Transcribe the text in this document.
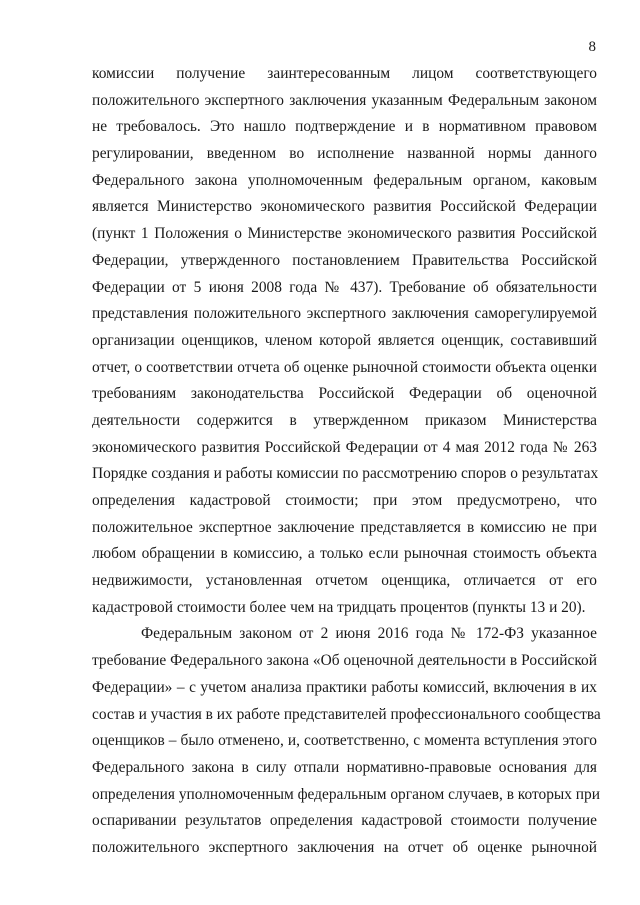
8
комиссии получение заинтересованным лицом соответствующего
положительного экспертного заключения указанным Федеральным законом
не требовалось. Это нашло подтверждение и в нормативном правовом
регулировании, введенном во исполнение названной нормы данного
Федерального закона уполномоченным федеральным органом, каковым
является Министерство экономического развития Российской Федерации
(пункт 1 Положения о Министерстве экономического развития Российской
Федерации, утвержденного постановлением Правительства Российской
Федерации от 5 июня 2008 года № 437). Требование об обязательности
представления положительного экспертного заключения саморегулируемой
организации оценщиков, членом которой является оценщик, составивший
отчет, о соответствии отчета об оценке рыночной стоимости объекта оценки
требованиям законодательства Российской Федерации об оценочной
деятельности содержится в утвержденном приказом Министерства
экономического развития Российской Федерации от 4 мая 2012 года № 263
Порядке создания и работы комиссии по рассмотрению споров о результатах
определения кадастровой стоимости; при этом предусмотрено, что
положительное экспертное заключение представляется в комиссию не при
любом обращении в комиссию, а только если рыночная стоимость объекта
недвижимости, установленная отчетом оценщика, отличается от его
кадастровой стоимости более чем на тридцать процентов (пункты 13 и 20).
Федеральным законом от 2 июня 2016 года № 172-ФЗ указанное
требование Федерального закона «Об оценочной деятельности в Российской
Федерации» – с учетом анализа практики работы комиссий, включения в их
состав и участия в их работе представителей профессионального сообщества
оценщиков – было отменено, и, соответственно, с момента вступления этого
Федерального закона в силу отпали нормативно-правовые основания для
определения уполномоченным федеральным органом случаев, в которых при
оспаривании результатов определения кадастровой стоимости получение
положительного экспертного заключения на отчет об оценке рыночной
